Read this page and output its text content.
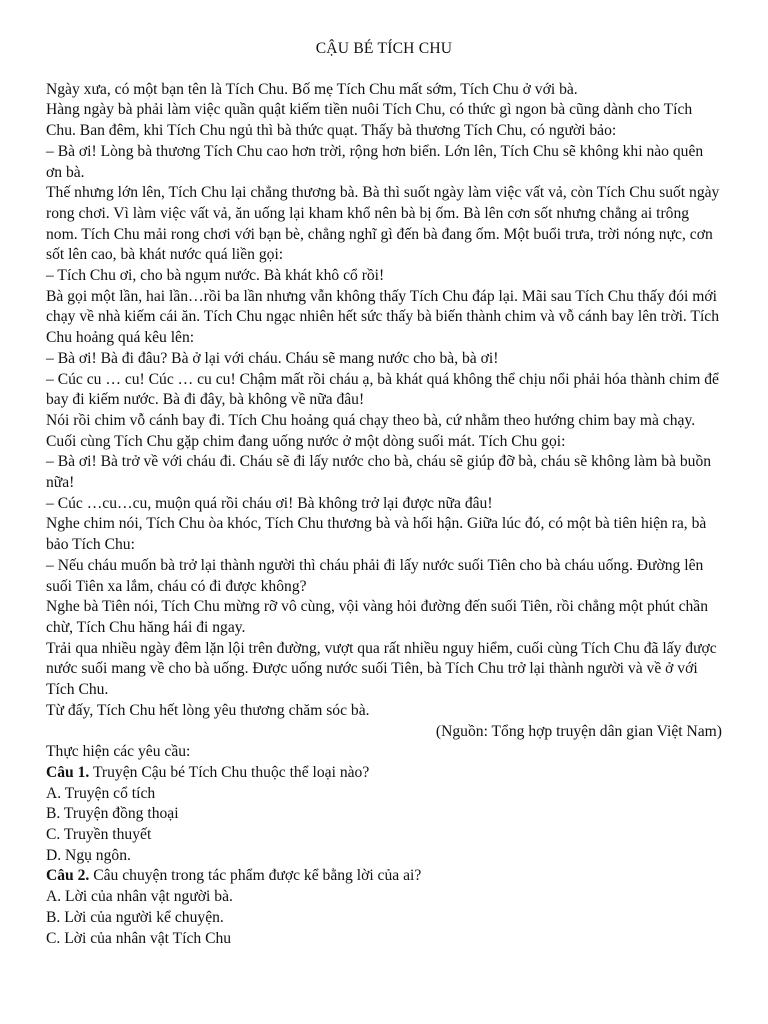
CẬU BÉ TÍCH CHU

Ngày xưa, có một bạn tên là Tích Chu. Bố mẹ Tích Chu mất sớm, Tích Chu ở với bà.

Hàng ngày bà phải làm việc quần quật kiếm tiền nuôi Tích Chu, có thức gì ngon bà cũng dành cho Tích Chu. Ban đêm, khi Tích Chu ngủ thì bà thức quạt. Thấy bà thương Tích Chu, có người bảo:

– Bà ơi! Lòng bà thương Tích Chu cao hơn trời, rộng hơn biển. Lớn lên, Tích Chu sẽ không khi nào quên ơn bà.

Thế nhưng lớn lên, Tích Chu lại chẳng thương bà. Bà thì suốt ngày làm việc vất vả, còn Tích Chu suốt ngày rong chơi. Vì làm việc vất vả, ăn uống lại kham khổ nên bà bị ốm. Bà lên cơn sốt nhưng chẳng ai trông nom. Tích Chu mải rong chơi với bạn bè, chẳng nghĩ gì đến bà đang ốm. Một buổi trưa, trời nóng nực, cơn sốt lên cao, bà khát nước quá liền gọi:

– Tích Chu ơi, cho bà ngụm nước. Bà khát khô cổ rồi!

Bà gọi một lần, hai lần…rồi ba lần nhưng vẫn không thấy Tích Chu đáp lại. Mãi sau Tích Chu thấy đói mới chạy về nhà kiếm cái ăn. Tích Chu ngạc nhiên hết sức thấy bà biến thành chim và vỗ cánh bay lên trời. Tích Chu hoảng quá kêu lên:

– Bà ơi! Bà đi đâu? Bà ở lại với cháu. Cháu sẽ mang nước cho bà, bà ơi!

– Cúc cu … cu! Cúc … cu cu! Chậm mất rồi cháu ạ, bà khát quá không thể chịu nổi phải hóa thành chim để bay đi kiếm nước. Bà đi đây, bà không về nữa đâu!

Nói rồi chim vỗ cánh bay đi. Tích Chu hoảng quá chạy theo bà, cứ nhằm theo hướng chim bay mà chạy. Cuối cùng Tích Chu gặp chim đang uống nước ở một dòng suối mát. Tích Chu gọi:

– Bà ơi! Bà trở về với cháu đi. Cháu sẽ đi lấy nước cho bà, cháu sẽ giúp đỡ bà, cháu sẽ không làm bà buồn nữa!

– Cúc …cu…cu, muộn quá rồi cháu ơi! Bà không trở lại được nữa đâu!

Nghe chim nói, Tích Chu òa khóc, Tích Chu thương bà và hối hận. Giữa lúc đó, có một bà tiên hiện ra, bà bảo Tích Chu:

– Nếu cháu muốn bà trở lại thành người thì cháu phải đi lấy nước suối Tiên cho bà cháu uống. Đường lên suối Tiên xa lắm, cháu có đi được không?

Nghe bà Tiên nói, Tích Chu mừng rỡ vô cùng, vội vàng hỏi đường đến suối Tiên, rồi chẳng một phút chần chừ, Tích Chu hăng hái đi ngay.

Trải qua nhiều ngày đêm lặn lội trên đường, vượt qua rất nhiều nguy hiểm, cuối cùng Tích Chu đã lấy được nước suối mang về cho bà uống. Được uống nước suối Tiên, bà Tích Chu trở lại thành người và về ở với Tích Chu.

Từ đấy, Tích Chu hết lòng yêu thương chăm sóc bà.

(Nguồn: Tổng hợp truyện dân gian Việt Nam)

Thực hiện các yêu cầu:

Câu 1. Truyện Cậu bé Tích Chu thuộc thể loại nào?

A. Truyện cổ tích

B. Truyện đồng thoại

C. Truyền thuyết

D. Ngụ ngôn.

Câu 2. Câu chuyện trong tác phẩm được kể bằng lời của ai?

A. Lời của nhân vật người bà.

B. Lời của người kể chuyện.

C. Lời của nhân vật Tích Chu
